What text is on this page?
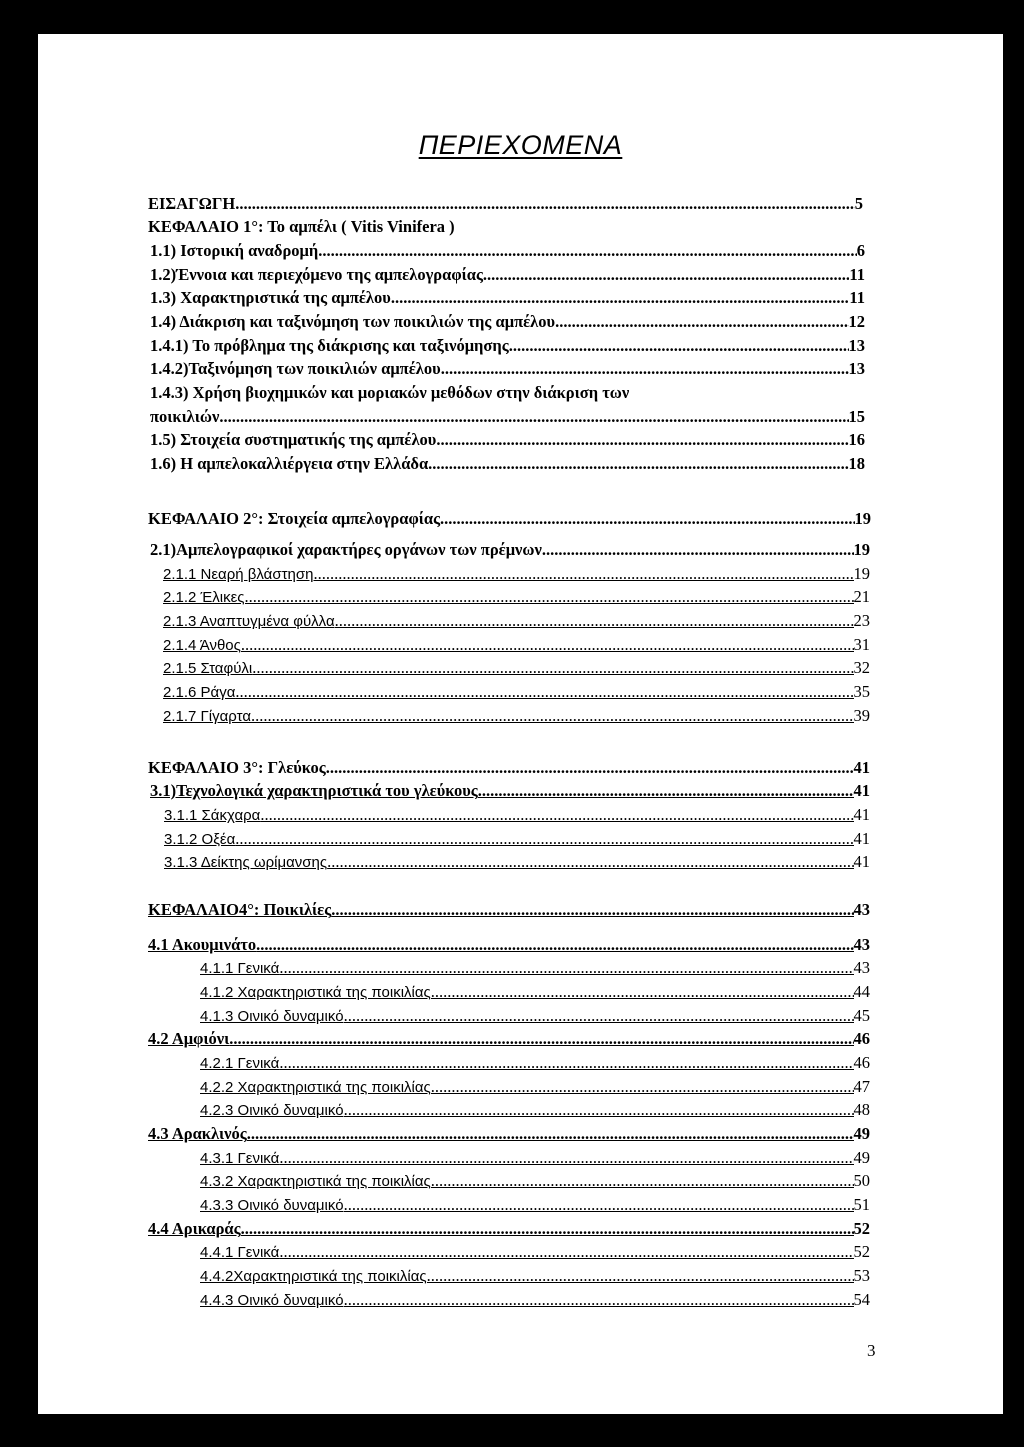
ΠΕΡΙΕΧΟΜΕΝΑ
ΕΙΣΑΓΩΓΗ .....	5
ΚΕΦΑΛΑΙΟ 1°: Το αμπέλι ( Vitis Vinifera )
1.1) Ιστορική αναδρομή .....	6
1.2)Έννοια και περιεχόμενο της αμπελογραφίας .....	11
1.3) Χαρακτηριστικά της αμπέλου .....	11
1.4) Διάκριση και ταξινόμηση των ποικιλιών της αμπέλου .....	12
1.4.1) Το πρόβλημα της διάκρισης και ταξινόμησης .....	13
1.4.2)Ταξινόμηση των ποικιλιών αμπέλου .....	13
1.4.3) Χρήση βιοχημικών και μοριακών μεθόδων στην διάκριση των
ποικιλιών .....	15
1.5) Στοιχεία συστηματικής της αμπέλου .....	16
1.6) Η αμπελοκαλλιέργεια στην Ελλάδα .....	18
ΚΕΦΑΛΑΙΟ 2°: Στοιχεία αμπελογραφίας .....	19
2.1)Αμπελογραφικοί χαρακτήρες οργάνων των πρέμνων .....	19
2.1.1 Νεαρή βλάστηση .....	19
2.1.2 Έλικες .....	21
2.1.3 Αναπτυγμένα φύλλα .....	23
2.1.4 Άνθος .....	31
2.1.5 Σταφύλι .....	32
2.1.6 Ράγα .....	35
2.1.7 Γίγαρτα .....	39
ΚΕΦΑΛΑΙΟ 3°: Γλεύκος .....	41
3.1)Τεχνολογικά χαρακτηριστικά του γλεύκους .....	41
3.1.1 Σάκχαρα .....	41
3.1.2 Οξέα .....	41
3.1.3 Δείκτης ωρίμανσης .....	41
ΚΕΦΑΛΑΙΟ4°: Ποικιλίες .....	43
4.1 Ακουμινάτο .....	43
4.1.1 Γενικά .....	43
4.1.2 Χαρακτηριστικά της ποικιλίας .....	44
4.1.3 Οινικό δυναμικό .....	45
4.2 Αμφιόνι .....	46
4.2.1 Γενικά .....	46
4.2.2 Χαρακτηριστικά της ποικιλίας .....	47
4.2.3 Οινικό δυναμικό .....	48
4.3 Αρακλινός .....	49
4.3.1 Γενικά .....	49
4.3.2 Χαρακτηριστικά της ποικιλίας .....	50
4.3.3 Οινικό δυναμικό .....	51
4.4 Αρικαράς .....	52
4.4.1 Γενικά .....	52
4.4.2Χαρακτηριστικά της ποικιλίας .....	53
4.4.3 Οινικό δυναμικό .....	54
3
